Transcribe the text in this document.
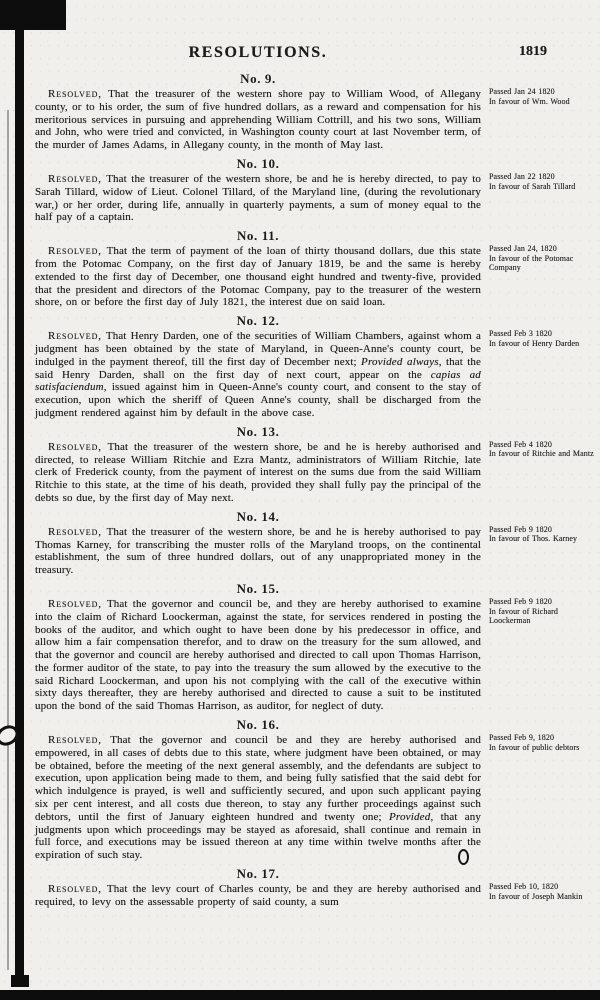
RESOLUTIONS.	1819
No. 9.

Resolved, That the treasurer of the western shore pay to William Wood, of Allegany county, or to his order, the sum of five hundred dollars, as a reward and compensation for his meritorious services in pursuing and apprehending William Cottrill, and his two sons, William and John, who were tried and convicted, in Washington county court at last November term, of the murder of James Adams, in Allegany county, in the month of May last.

Passed Jan 24 1820
In favour of Wm. Wood
No. 10.

Resolved, That the treasurer of the western shore, be and he is hereby directed, to pay to Sarah Tillard, widow of Lieut. Colonel Tillard, of the Maryland line, (during the revolutionary war,) or her order, during life, annually in quarterly payments, a sum of money equal to the half pay of a captain.

Passed Jan 22 1820
In favour of Sarah Tillard
No. 11.

Resolved, That the term of payment of the loan of thirty thousand dollars, due this state from the Potomac Company, on the first day of January 1819, be and the same is hereby extended to the first day of December, one thousand eight hundred and twenty-five, provided that the president and directors of the Potomac Company, pay to the treasurer of the western shore, on or before the first day of July 1821, the interest due on said loan.

Passed Jan 24, 1820
In favour of the Potomac Company
No. 12.

Resolved, That Henry Darden, one of the securities of William Chambers, against whom a judgment has been obtained by the state of Maryland, in Queen-Anne's county court, be indulged in the payment thereof, till the first day of December next; Provided always, that the said Henry Darden, shall on the first day of next court, appear on the capias ad satisfaciendum, issued against him in Queen-Anne's county court, and consent to the stay of execution, upon which the sheriff of Queen Anne's county, shall be discharged from the judgment rendered against him by default in the above case.

Passed Feb 3 1820
In favour of Henry Darden
No. 13.

Resolved, That the treasurer of the western shore, be and he is hereby authorised and directed, to release William Ritchie and Ezra Mantz, administrators of William Ritchie, late clerk of Frederick county, from the payment of interest on the sums due from the said William Ritchie to this state, at the time of his death, provided they shall fully pay the principal of the debts so due, by the first day of May next.

Passed Feb 4 1820
In favour of Ritchie and Mantz
No. 14.

Resolved, That the treasurer of the western shore, be and he is hereby authorised to pay Thomas Karney, for transcribing the muster rolls of the Maryland troops, on the continental establishment, the sum of three hundred dollars, out of any unappropriated money in the treasury.

Passed Feb 9 1820
In favour of Thos. Karney
No. 15.

Resolved, That the governor and council be, and they are hereby authorised to examine into the claim of Richard Loockerman, against the state, for services rendered in posting the books of the auditor, and which ought to have been done by his predecessor in office, and allow him a fair compensation therefor, and to draw on the treasury for the sum allowed, and that the governor and council are hereby authorised and directed to call upon Thomas Harrison, the former auditor of the state, to pay into the treasury the sum allowed by the executive to the said Richard Loockerman, and upon his not complying with the call of the executive within sixty days thereafter, they are hereby authorised and directed to cause a suit to be instituted upon the bond of the said Thomas Harrison, as auditor, for neglect of duty.

Passed Feb 9 1820
In favour of Richard Loockerman
No. 16.

Resolved, That the governor and council be and they are hereby authorised and empowered, in all cases of debts due to this state, where judgment have been obtained, or may be obtained, before the meeting of the next general assembly, and the defendants are subject to execution, upon application being made to them, and being fully satisfied that the said debt for which indulgence is prayed, is well and sufficiently secured, and upon such applicant paying six per cent interest, and all costs due thereon, to stay any further proceedings against such debtors, until the first of January eighteen hundred and twenty one; Provided, that any judgments upon which proceedings may be stayed as aforesaid, shall continue and remain in full force, and executions may be issued thereon at any time within twelve months after the expiration of such stay.

Passed Feb 9, 1820
In favour of public debtors
No. 17.

Resolved, That the levy court of Charles county, be and they are hereby authorised and required, to levy on the assessable property of said county, a sum

Passed Feb 10, 1820
In favour of Joseph Mankin
